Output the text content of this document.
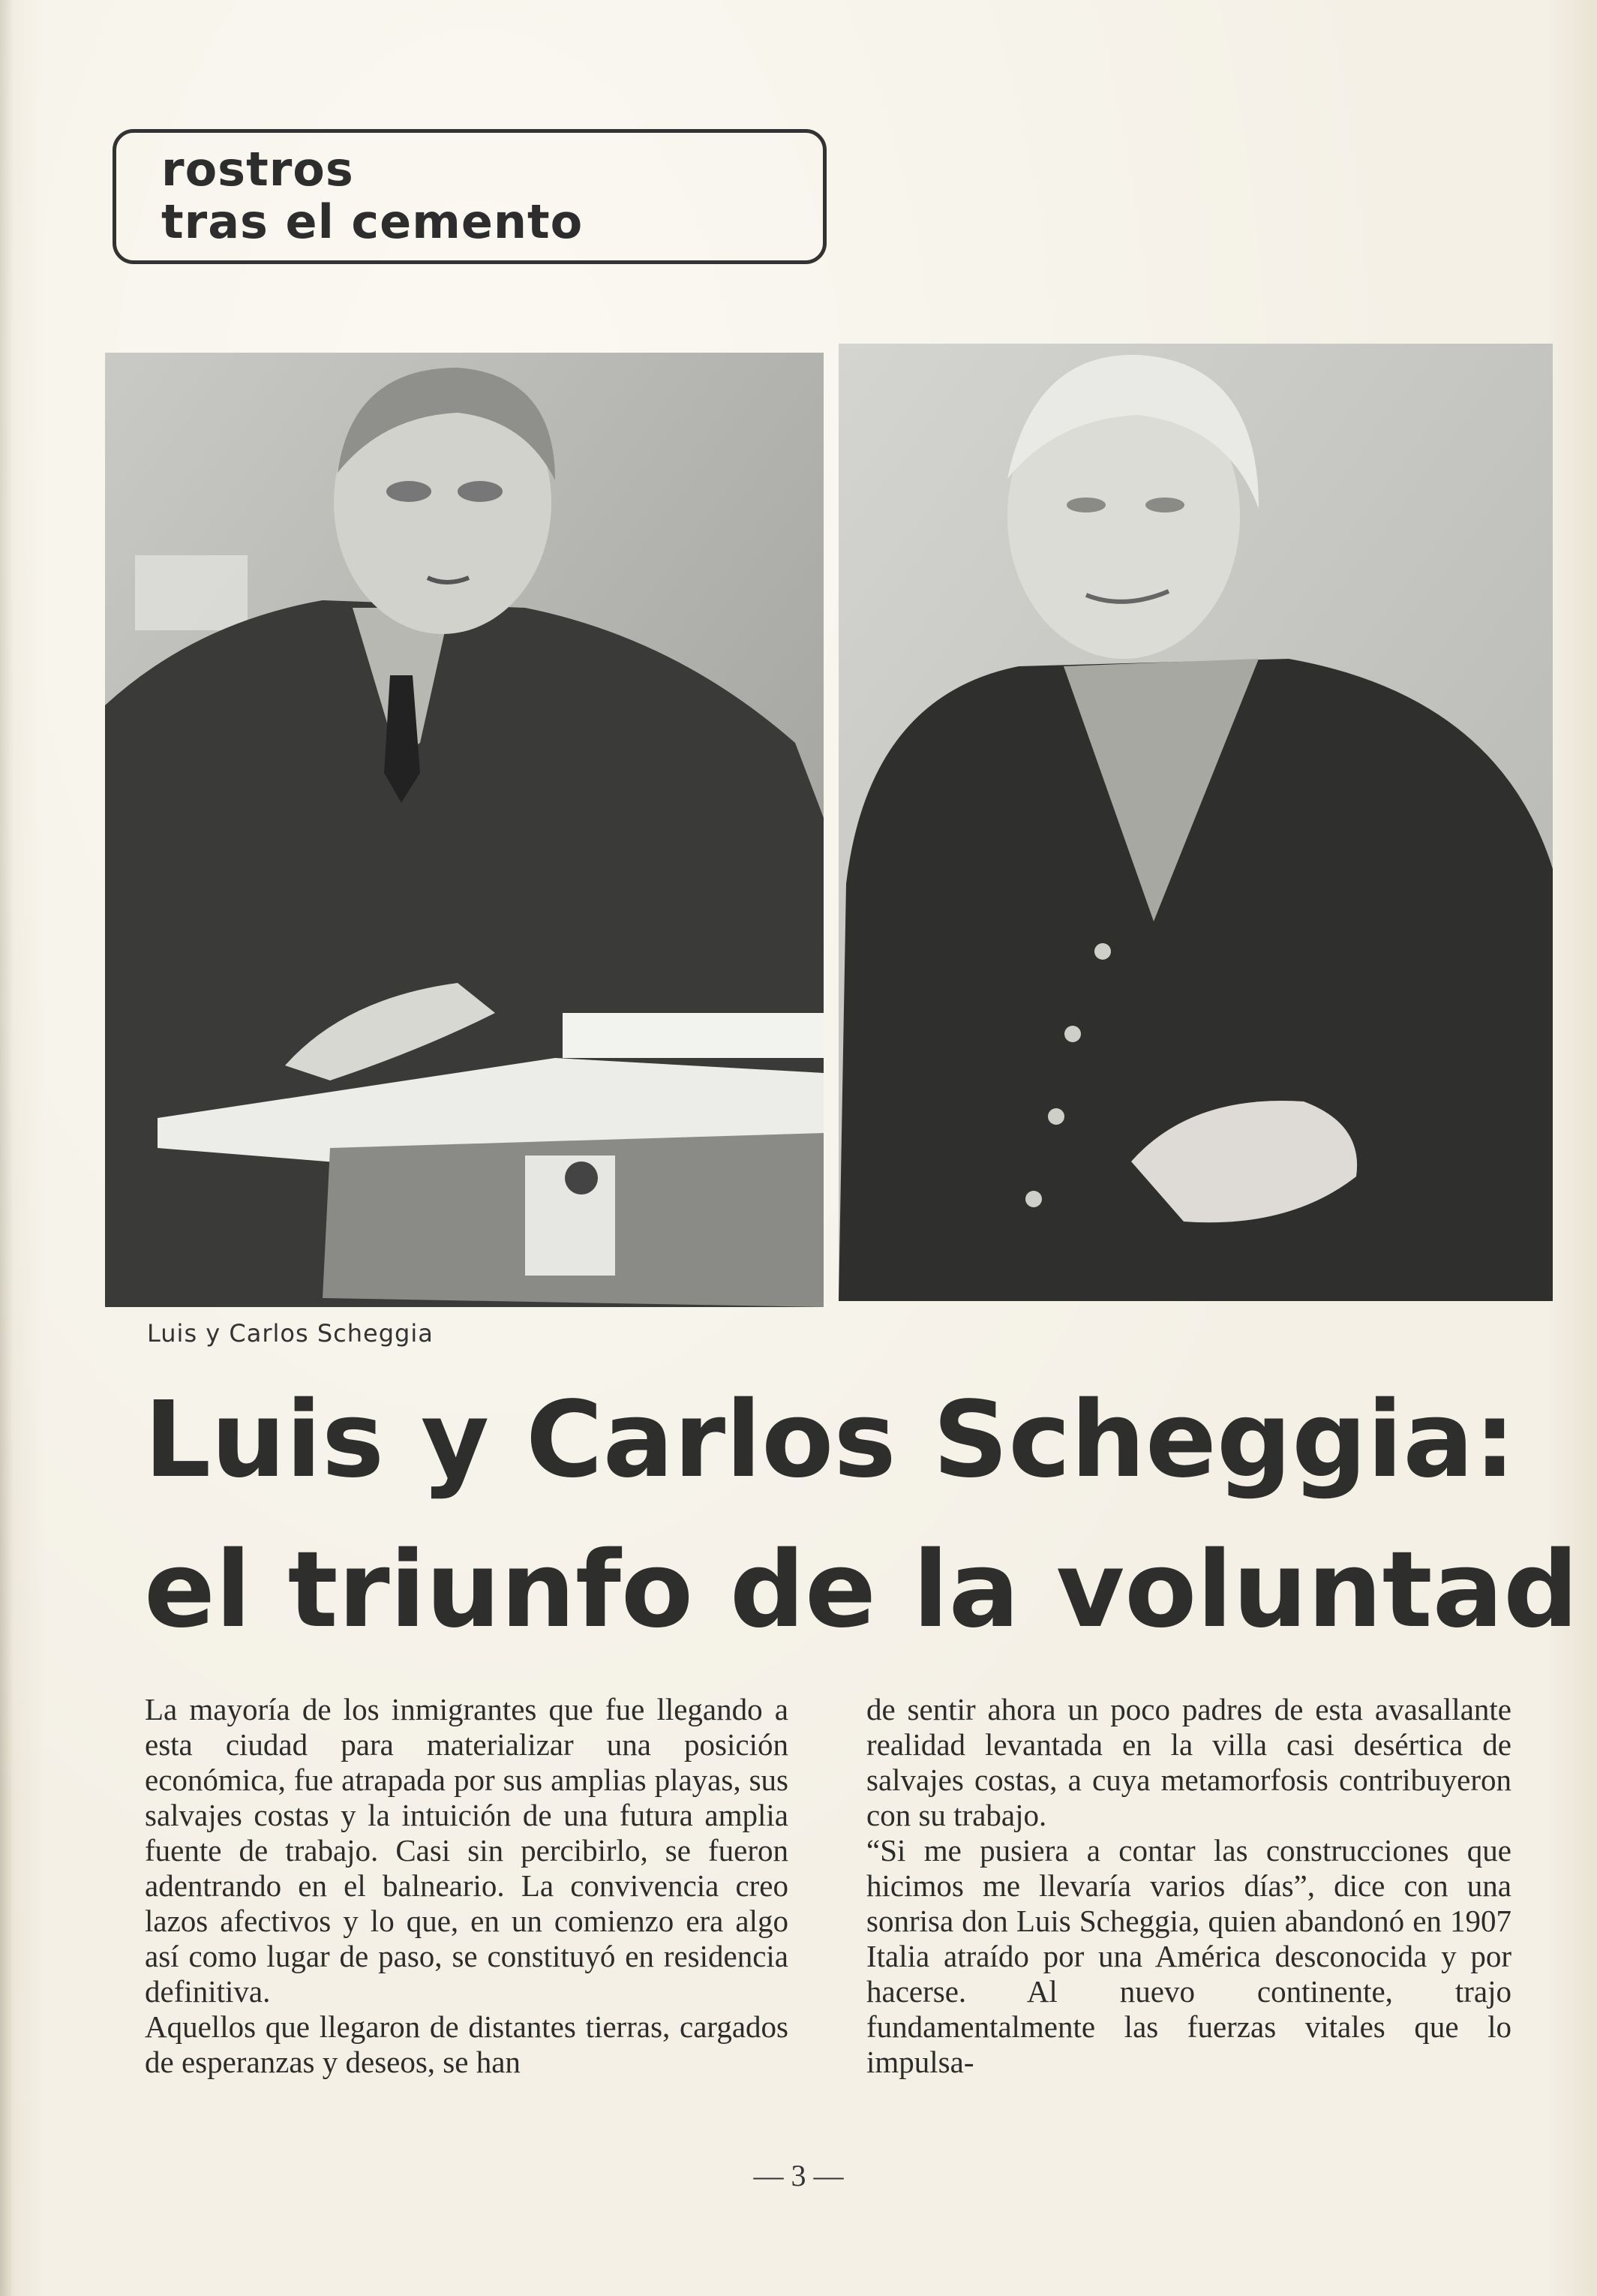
rostros
tras el cemento
Luis y Carlos Scheggia
Luis y Carlos Scheggia:
el triunfo de la voluntad

La mayoría de los inmigrantes que fue llegando a esta ciudad para materializar una posición económica, fue atrapada por sus amplias playas, sus salvajes costas y la intuición de una futura amplia fuente de trabajo. Casi sin percibirlo, se fueron adentrando en el balneario. La convivencia creo lazos afectivos y lo que, en un comienzo era algo así como lugar de paso, se constituyó en residencia definitiva.

Aquellos que llegaron de distantes tierras, cargados de esperanzas y deseos, se han

de sentir ahora un poco padres de esta avasallante realidad levantada en la villa casi desértica de salvajes costas, a cuya metamorfosis contribuyeron con su trabajo.

“Si me pusiera a contar las construcciones que hicimos me llevaría varios días”, dice con una sonrisa don Luis Scheggia, quien abandonó en 1907 Italia atraído por una América desconocida y por hacerse. Al nuevo continente, trajo fundamentalmente las fuerzas vitales que lo impulsa-

— 3 —
